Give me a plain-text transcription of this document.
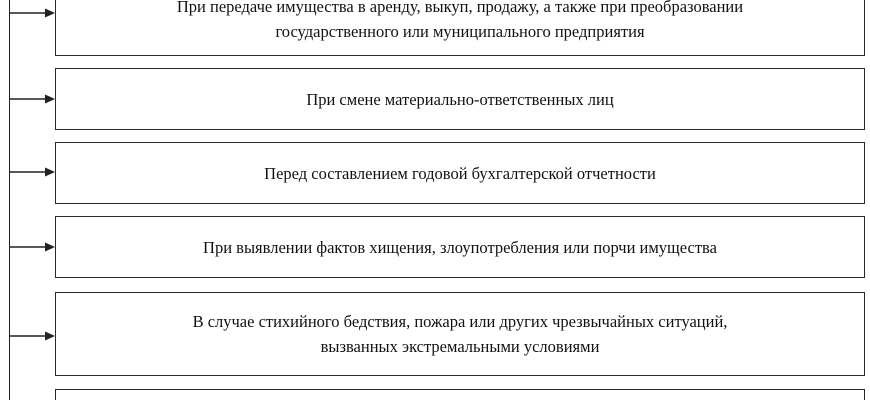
При передаче имущества в аренду, выкуп, продажу, а также при преобразовании
государственного или муниципального предприятия
При смене материально-ответственных лиц
Перед составлением годовой бухгалтерской отчетности
При выявлении фактов хищения, злоупотребления или порчи имущества
В случае стихийного бедствия, пожара или других чрезвычайных ситуаций,
вызванных экстремальными условиями
